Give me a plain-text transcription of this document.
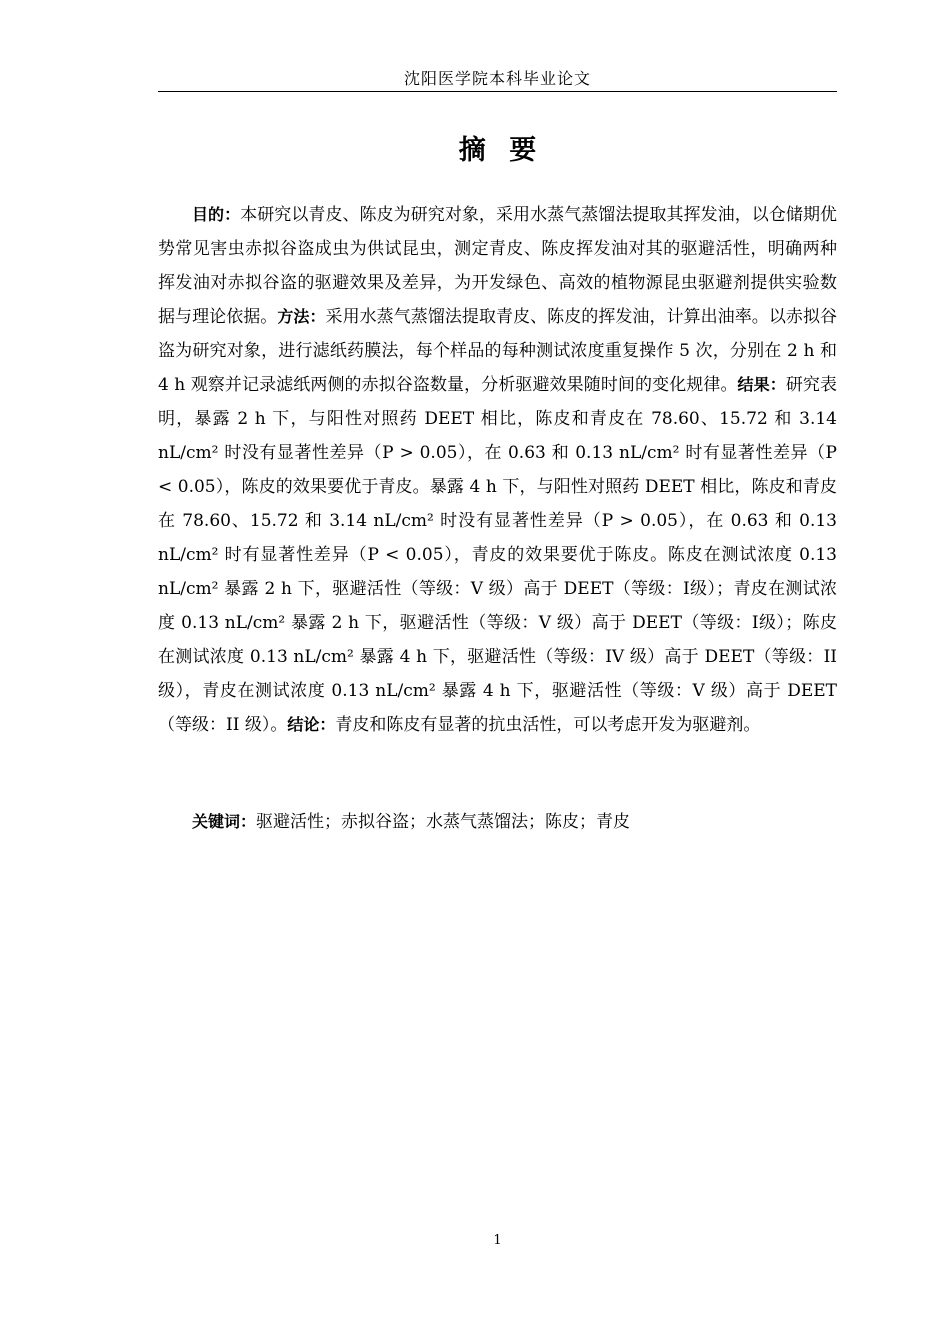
沈阳医学院本科毕业论文
摘 要

目的：本研究以青皮、陈皮为研究对象，采用水蒸气蒸馏法提取其挥发油，以仓储期优势常见害虫赤拟谷盗成虫为供试昆虫，测定青皮、陈皮挥发油对其的驱避活性，明确两种挥发油对赤拟谷盗的驱避效果及差异，为开发绿色、高效的植物源昆虫驱避剂提供实验数据与理论依据。方法：采用水蒸气蒸馏法提取青皮、陈皮的挥发油，计算出油率。以赤拟谷盗为研究对象，进行滤纸药膜法，每个样品的每种测试浓度重复操作 5 次，分别在 2 h 和 4 h 观察并记录滤纸两侧的赤拟谷盗数量，分析驱避效果随时间的变化规律。结果：研究表明，暴露 2 h 下，与阳性对照药 DEET 相比，陈皮和青皮在 78.60、15.72 和 3.14 nL/cm² 时没有显著性差异（P > 0.05），在 0.63 和 0.13 nL/cm² 时有显著性差异（P < 0.05），陈皮的效果要优于青皮。暴露 4 h 下，与阳性对照药 DEET 相比，陈皮和青皮在 78.60、15.72 和 3.14 nL/cm² 时没有显著性差异（P > 0.05），在 0.63 和 0.13 nL/cm² 时有显著性差异（P < 0.05），青皮的效果要优于陈皮。陈皮在测试浓度 0.13 nL/cm² 暴露 2 h 下，驱避活性（等级：V 级）高于 DEET（等级：Ⅰ级）；青皮在测试浓度 0.13 nL/cm² 暴露 2 h 下，驱避活性（等级：V 级）高于 DEET（等级：Ⅰ级）；陈皮在测试浓度 0.13 nL/cm² 暴露 4 h 下，驱避活性（等级：IV 级）高于 DEET（等级：II 级），青皮在测试浓度 0.13 nL/cm² 暴露 4 h 下，驱避活性（等级：V 级）高于 DEET（等级：ⅠI 级）。结论：青皮和陈皮有显著的抗虫活性，可以考虑开发为驱避剂。

关键词：驱避活性；赤拟谷盗；水蒸气蒸馏法；陈皮；青皮

1
